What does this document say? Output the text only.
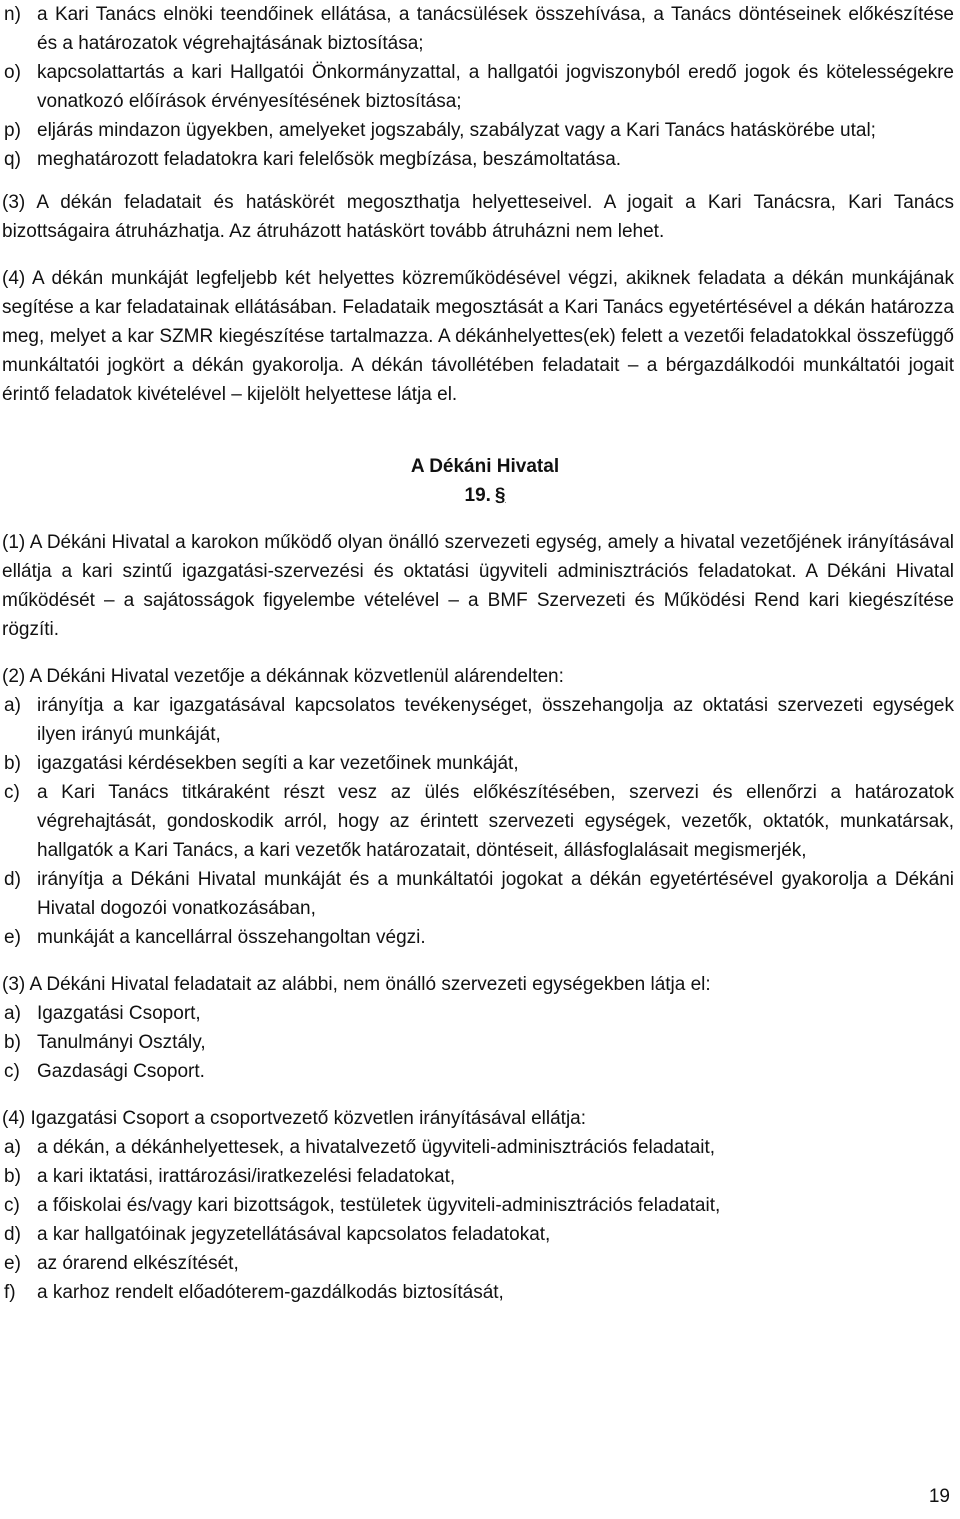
n) a Kari Tanács elnöki teendőinek ellátása, a tanácsülések összehívása, a Tanács döntéseinek előkészítése és a határozatok végrehajtásának biztosítása;
o) kapcsolattartás a kari Hallgatói Önkormányzattal, a hallgatói jogviszonyból eredő jogok és kötelességekre vonatkozó előírások érvényesítésének biztosítása;
p) eljárás mindazon ügyekben, amelyeket jogszabály, szabályzat vagy a Kari Tanács hatáskörébe utal;
q) meghatározott feladatokra kari felelősök megbízása, beszámoltatása.

(3) A dékán feladatait és hatáskörét megoszthatja helyetteseivel. A jogait a Kari Tanácsra, Kari Tanács bizottságaira átruházhatja. Az átruházott hatáskört tovább átruházni nem lehet.

(4) A dékán munkáját legfeljebb két helyettes közreműködésével végzi, akiknek feladata a dékán munkájának segítése a kar feladatainak ellátásában. Feladataik megosztását a Kari Tanács egyetértésével a dékán határozza meg, melyet a kar SZMR kiegészítése tartalmazza. A dékánhelyettes(ek) felett a vezetői feladatokkal összefüggő munkáltatói jogkört a dékán gyakorolja. A dékán távollétében feladatait – a bérgazdálkodói munkáltatói jogait érintő feladatok kivételével – kijelölt helyettese látja el.

A Dékáni Hivatal

19. §

(1) A Dékáni Hivatal a karokon működő olyan önálló szervezeti egység, amely a hivatal vezetőjének irányításával ellátja a kari szintű igazgatási-szervezési és oktatási ügyviteli adminisztrációs feladatokat. A Dékáni Hivatal működését – a sajátosságok figyelembe vételével – a BMF Szervezeti és Működési Rend kari kiegészítése rögzíti.

(2) A Dékáni Hivatal vezetője a dékánnak közvetlenül alárendelten:

a) irányítja a kar igazgatásával kapcsolatos tevékenységet, összehangolja az oktatási szervezeti egységek ilyen irányú munkáját,
b) igazgatási kérdésekben segíti a kar vezetőinek munkáját,
c) a Kari Tanács titkáraként részt vesz az ülés előkészítésében, szervezi és ellenőrzi a határozatok végrehajtását, gondoskodik arról, hogy az érintett szervezeti egységek, vezetők, oktatók, munkatársak, hallgatók a Kari Tanács, a kari vezetők határozatait, döntéseit, állásfoglalásait megismerjék,
d) irányítja a Dékáni Hivatal munkáját és a munkáltatói jogokat a dékán egyetértésével gyakorolja a Dékáni Hivatal dogozói vonatkozásában,
e) munkáját a kancellárral összehangoltan végzi.

(3) A Dékáni Hivatal feladatait az alábbi, nem önálló szervezeti egységekben látja el:

a) Igazgatási Csoport,
b) Tanulmányi Osztály,
c) Gazdasági Csoport.

(4) Igazgatási Csoport a csoportvezető közvetlen irányításával ellátja:

a) a dékán, a dékánhelyettesek, a hivatalvezető ügyviteli-adminisztrációs feladatait,
b) a kari iktatási, irattározási/iratkezelési feladatokat,
c) a főiskolai és/vagy kari bizottságok, testületek ügyviteli-adminisztrációs feladatait,
d) a kar hallgatóinak jegyzetellátásával kapcsolatos feladatokat,
e) az órarend elkészítését,
f)	a karhoz rendelt előadóterem-gazdálkodás biztosítását,
19
